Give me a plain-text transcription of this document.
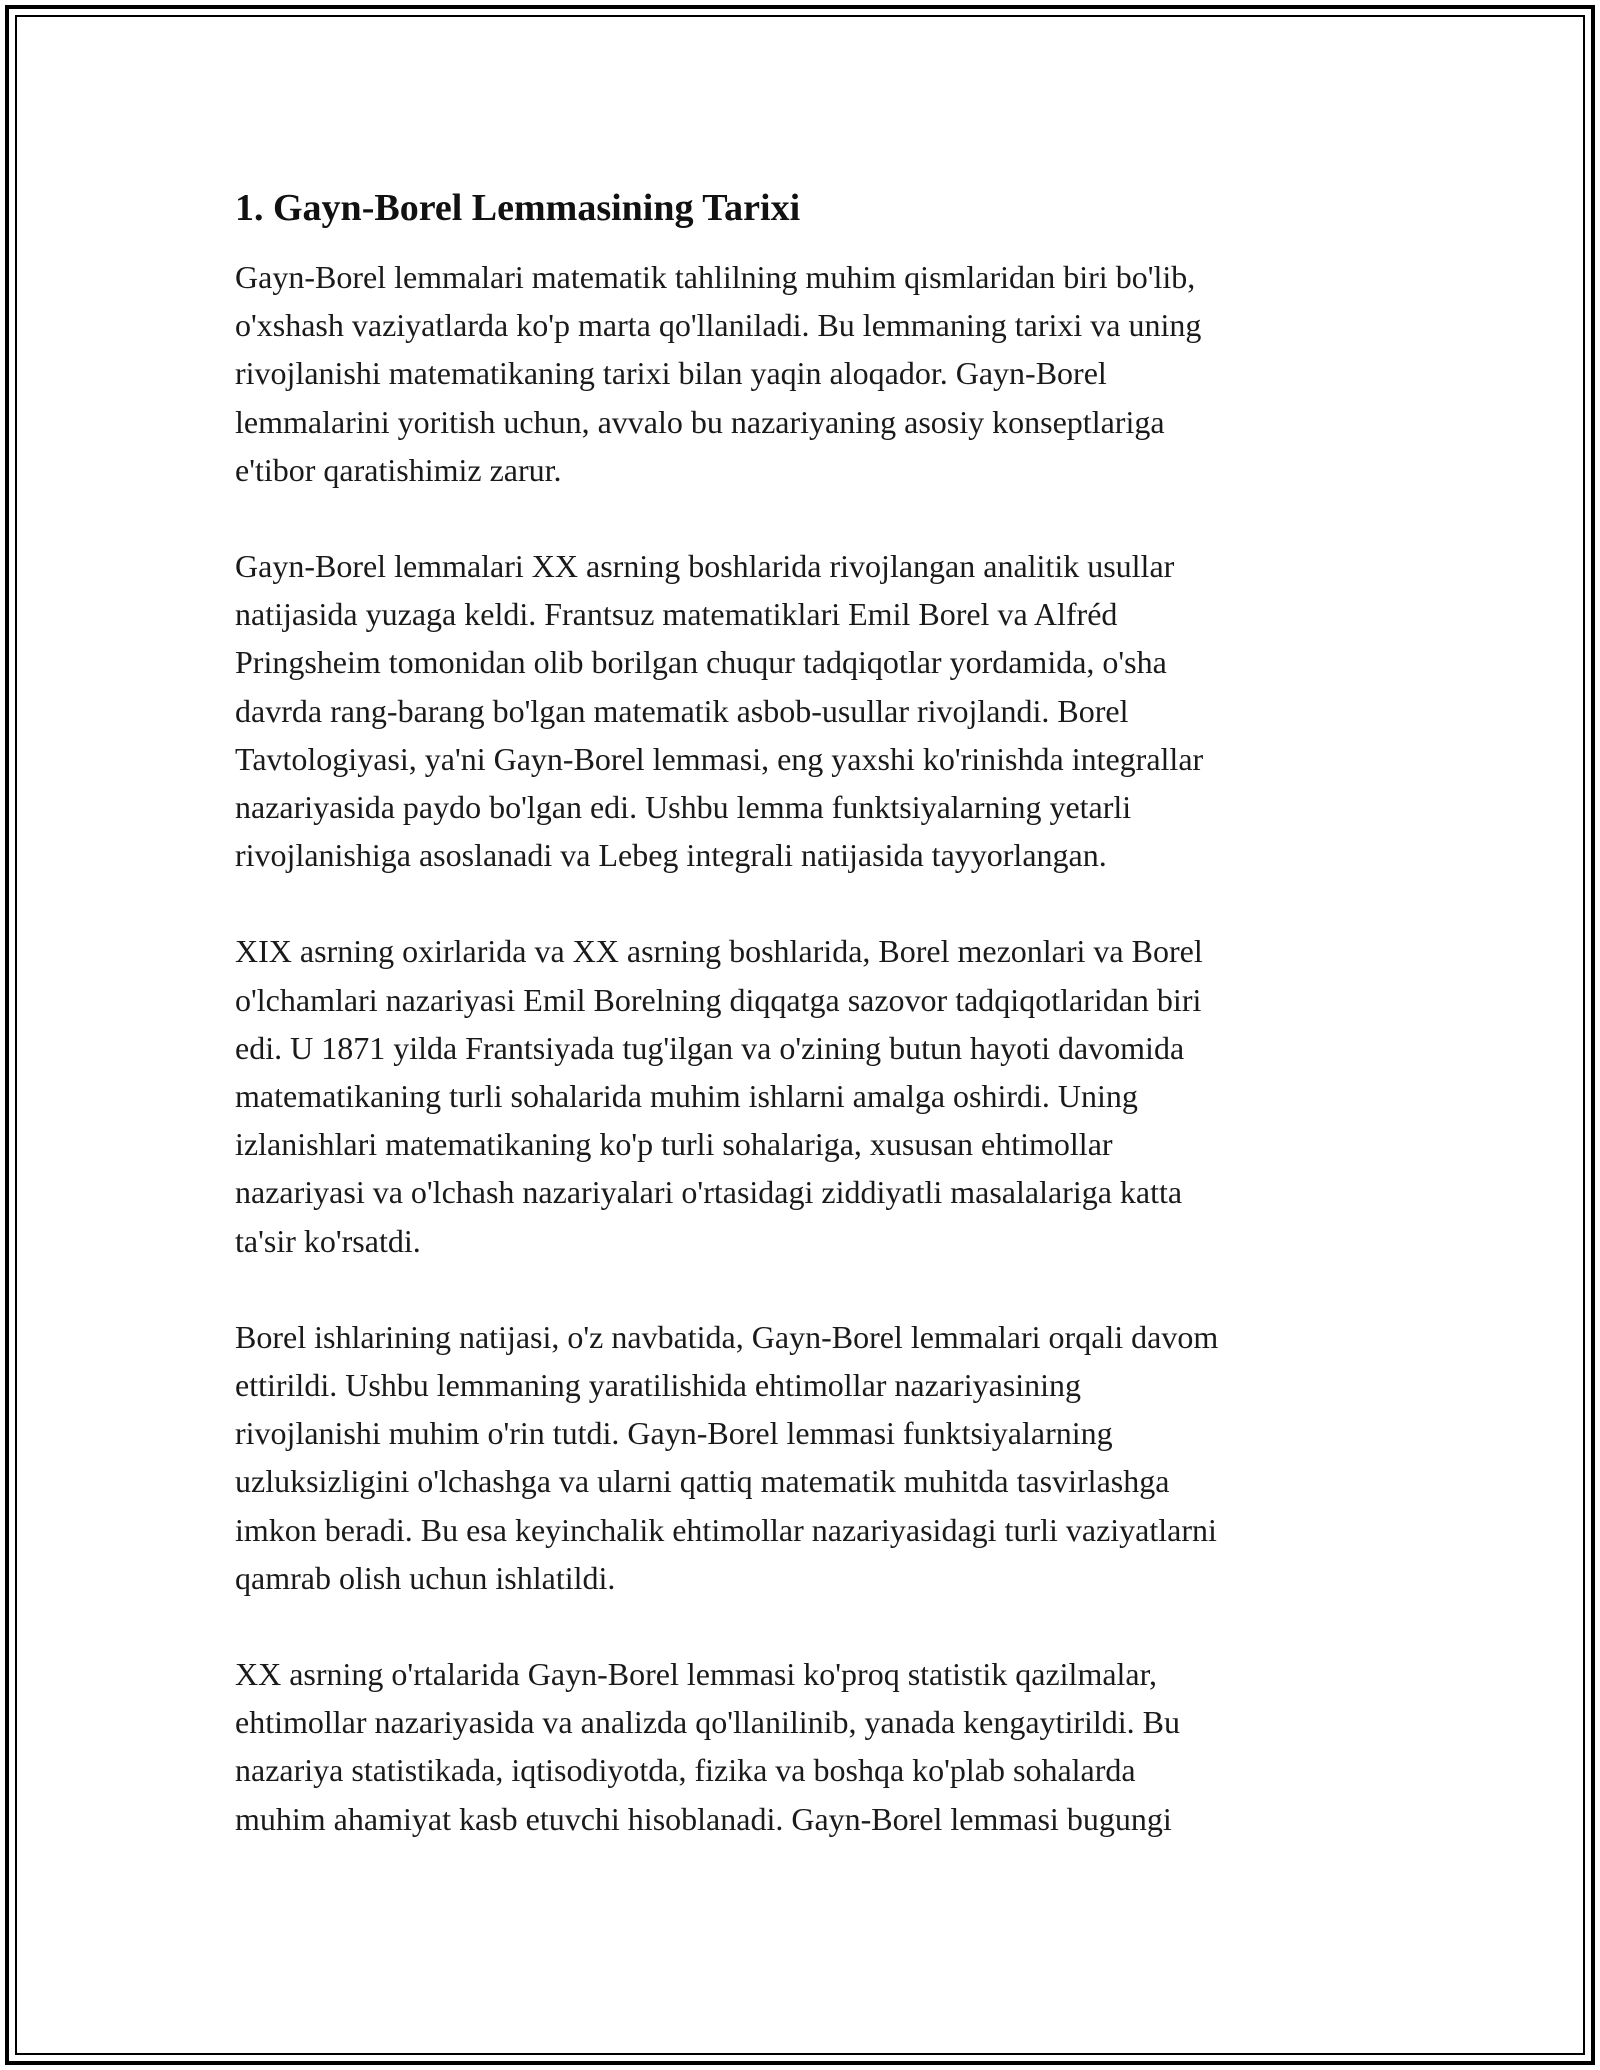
1. Gayn-Borel Lemmasining Tarixi

Gayn-Borel lemmalari matematik tahlilning muhim qismlaridan biri bo'lib,
o'xshash vaziyatlarda ko'p marta qo'llaniladi. Bu lemmaning tarixi va uning
rivojlanishi matematikaning tarixi bilan yaqin aloqador. Gayn-Borel
lemmalarini yoritish uchun, avvalo bu nazariyaning asosiy konseptlariga
e'tibor qaratishimiz zarur.

Gayn-Borel lemmalari XX asrning boshlarida rivojlangan analitik usullar
natijasida yuzaga keldi. Frantsuz matematiklari Emil Borel va Alfréd
Pringsheim tomonidan olib borilgan chuqur tadqiqotlar yordamida, o'sha
davrda rang-barang bo'lgan matematik asbob-usullar rivojlandi. Borel
Tavtologiyasi, ya'ni Gayn-Borel lemmasi, eng yaxshi ko'rinishda integrallar
nazariyasida paydo bo'lgan edi. Ushbu lemma funktsiyalarning yetarli
rivojlanishiga asoslanadi va Lebeg integrali natijasida tayyorlangan.

XIX asrning oxirlarida va XX asrning boshlarida, Borel mezonlari va Borel
o'lchamlari nazariyasi Emil Borelning diqqatga sazovor tadqiqotlaridan biri
edi. U 1871 yilda Frantsiyada tug'ilgan va o'zining butun hayoti davomida
matematikaning turli sohalarida muhim ishlarni amalga oshirdi. Uning
izlanishlari matematikaning ko'p turli sohalariga, xususan ehtimollar
nazariyasi va o'lchash nazariyalari o'rtasidagi ziddiyatli masalalariga katta
ta'sir ko'rsatdi.

Borel ishlarining natijasi, o'z navbatida, Gayn-Borel lemmalari orqali davom
ettirildi. Ushbu lemmaning yaratilishida ehtimollar nazariyasining
rivojlanishi muhim o'rin tutdi. Gayn-Borel lemmasi funktsiyalarning
uzluksizligini o'lchashga va ularni qattiq matematik muhitda tasvirlashga
imkon beradi. Bu esa keyinchalik ehtimollar nazariyasidagi turli vaziyatlarni
qamrab olish uchun ishlatildi.

XX asrning o'rtalarida Gayn-Borel lemmasi ko'proq statistik qazilmalar,
ehtimollar nazariyasida va analizda qo'llanilinib, yanada kengaytirildi. Bu
nazariya statistikada, iqtisodiyotda, fizika va boshqa ko'plab sohalarda
muhim ahamiyat kasb etuvchi hisoblanadi. Gayn-Borel lemmasi bugungi
